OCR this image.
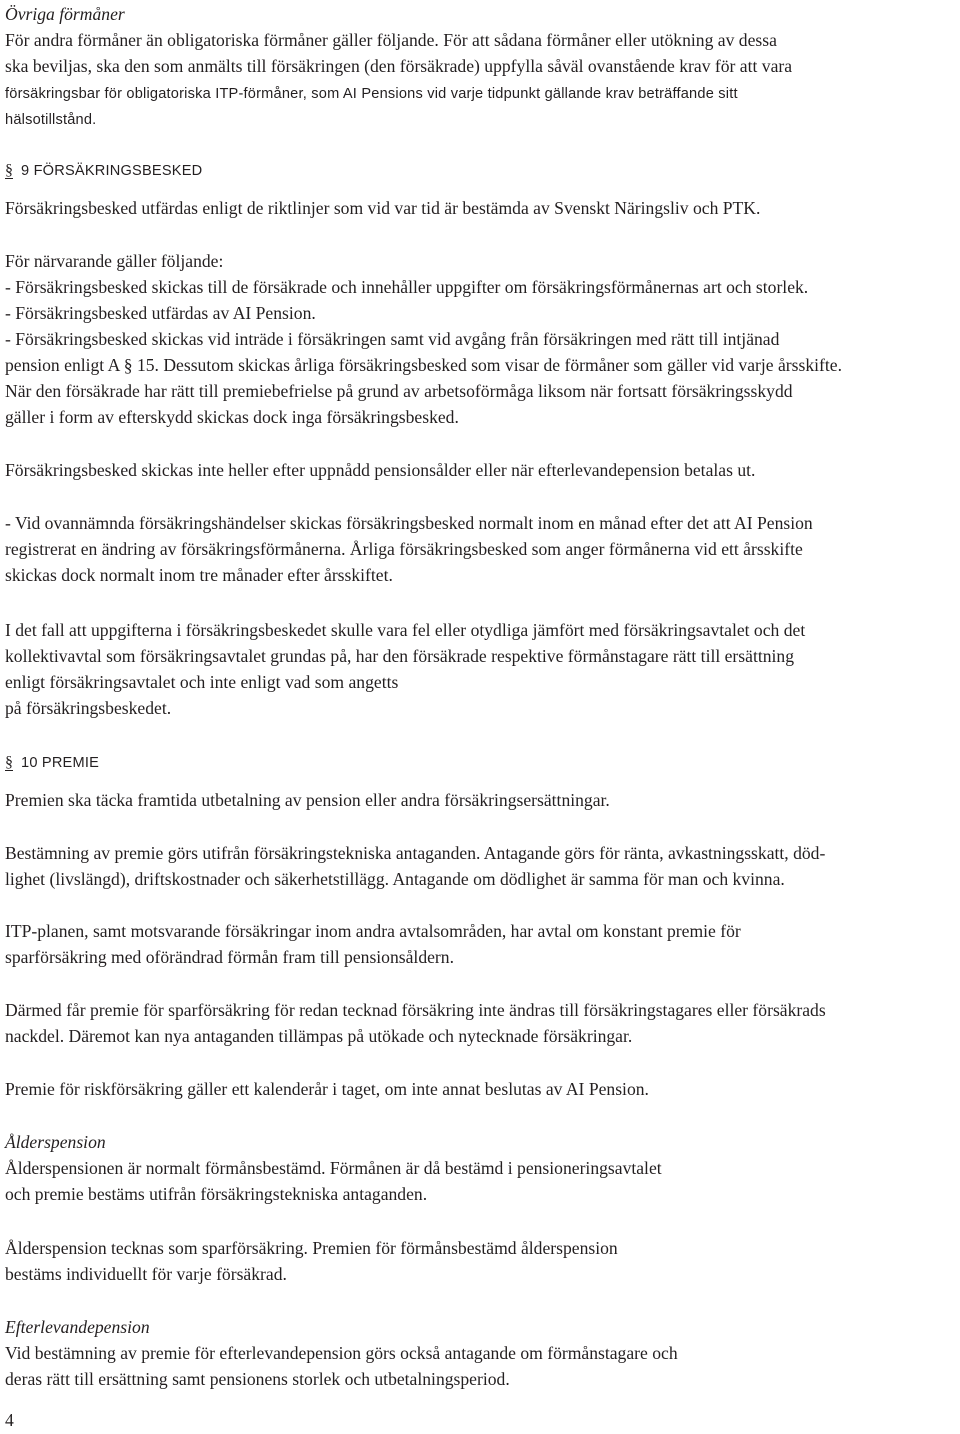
Övriga förmåner
För andra förmåner än obligatoriska förmåner gäller följande. För att sådana förmåner eller utökning av dessa
ska beviljas, ska den som anmälts till försäkringen (den försäkrade) uppfylla såväl ovanstående krav för att vara
försäkringsbar för obligatoriska ITP-förmåner, som AI Pensions vid varje tidpunkt gällande krav beträffande sitt
hälsotillstånd.
§ 9 FÖRSÄKRINGSBESKED
Försäkringsbesked utfärdas enligt de riktlinjer som vid var tid är bestämda av Svenskt Näringsliv och PTK.
För närvarande gäller följande:
- Försäkringsbesked skickas till de försäkrade och innehåller uppgifter om försäkringsförmånernas art och storlek.
- Försäkringsbesked utfärdas av AI Pension.
- Försäkringsbesked skickas vid inträde i försäkringen samt vid avgång från försäkringen med rätt till intjänad
pension enligt A § 15. Dessutom skickas årliga försäkringsbesked som visar de förmåner som gäller vid varje årsskifte.
När den försäkrade har rätt till premiebefrielse på grund av arbetsoförmåga liksom när fortsatt försäkringsskydd
gäller i form av efterskydd skickas dock inga försäkringsbesked.
Försäkringsbesked skickas inte heller efter uppnådd pensionsålder eller när efterlevandepension betalas ut.
- Vid ovannämnda försäkringshändelser skickas försäkringsbesked normalt inom en månad efter det att AI Pension
registrerat en ändring av försäkringsförmånerna. Årliga försäkringsbesked som anger förmånerna vid ett årsskifte
skickas dock normalt inom tre månader efter årsskiftet.
I det fall att uppgifterna i försäkringsbeskedet skulle vara fel eller otydliga jämfört med försäkringsavtalet och det
kollektivavtal som försäkringsavtalet grundas på, har den försäkrade respektive förmånstagare rätt till ersättning
enligt försäkringsavtalet och inte enligt vad som angetts
på försäkringsbeskedet.
§ 10 PREMIE
Premien ska täcka framtida utbetalning av pension eller andra försäkringsersättningar.
Bestämning av premie görs utifrån försäkringstekniska antaganden. Antagande görs för ränta, avkastningsskatt, död-
lighet (livslängd), driftskostnader och säkerhetstillägg. Antagande om dödlighet är samma för man och kvinna.
ITP-planen, samt motsvarande försäkringar inom andra avtalsområden, har avtal om konstant premie för
sparförsäkring med oförändrad förmån fram till pensionsåldern.
Därmed får premie för sparförsäkring för redan tecknad försäkring inte ändras till försäkringstagares eller försäkrads
nackdel. Däremot kan nya antaganden tillämpas på utökade och nytecknade försäkringar.
Premie för riskförsäkring gäller ett kalenderår i taget, om inte annat beslutas av AI Pension.
Ålderspension
Ålderspensionen är normalt förmånsbestämd. Förmånen är då bestämd i pensioneringsavtalet
och premie bestäms utifrån försäkringstekniska antaganden.
Ålderspension tecknas som sparförsäkring. Premien för förmånsbestämd ålderspension
bestäms individuellt för varje försäkrad.
Efterlevandepension
Vid bestämning av premie för efterlevandepension görs också antagande om förmånstagare och
deras rätt till ersättning samt pensionens storlek och utbetalningsperiod.
4
